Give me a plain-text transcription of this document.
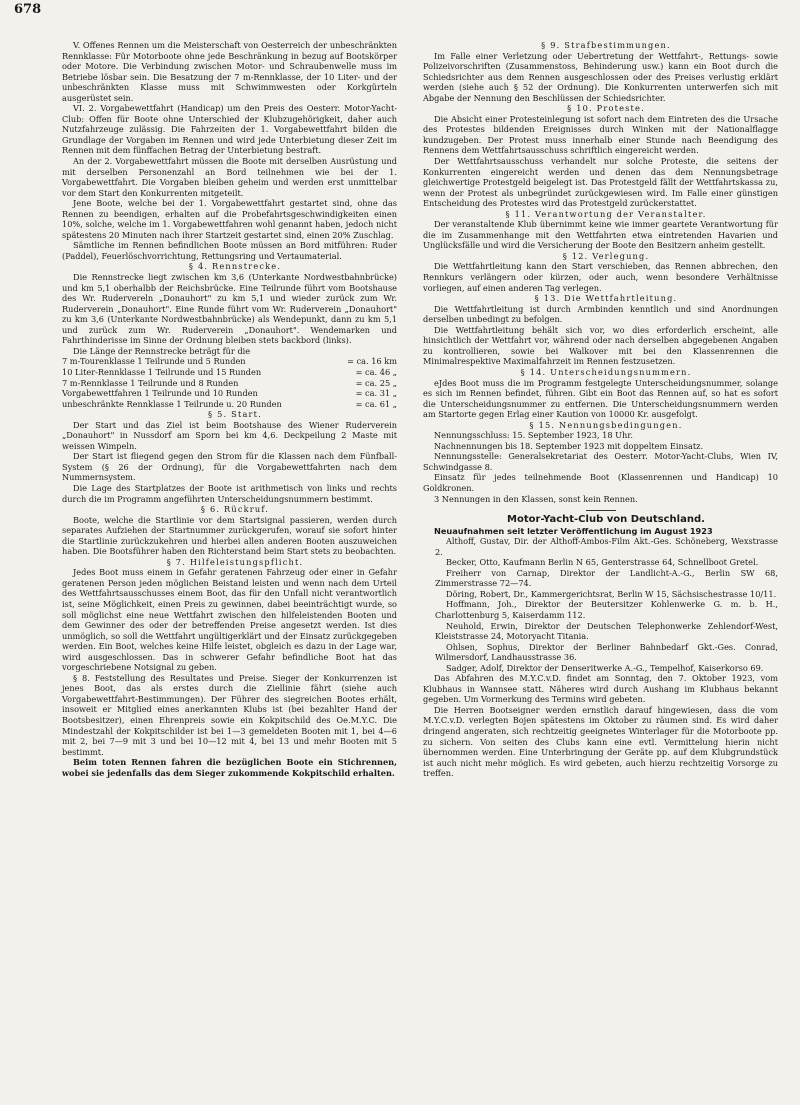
678

V. Offenes Rennen um die Meisterschaft von Oesterreich der unbeschränkten Rennklasse: Für Motorboote ohne jede Beschränkung in bezug auf Bootskörper oder Motore. Die Verbindung zwischen Motor- und Schraubenwelle muss im Betriebe lösbar sein. Die Besatzung der 7 m-Rennklasse, der 10 Liter- und der unbeschränkten Klasse muss mit Schwimmwesten oder Korkgürteln ausgerüstet sein.

VI. 2. Vorgabewettfahrt (Handicap) um den Preis des Oesterr. Motor-Yacht-Club: Offen für Boote ohne Unterschied der Klubzugehörigkeit, daher auch Nutzfahrzeuge zulässig. Die Fahrzeiten der 1. Vorgabewettfahrt bilden die Grundlage der Vorgaben im Rennen und wird jede Unterbietung dieser Zeit im Rennen mit dem fünffachen Betrag der Unterbietung bestraft.

An der 2. Vorgabewettfahrt müssen die Boote mit derselben Ausrüstung und mit derselben Personenzahl an Bord teilnehmen wie bei der 1. Vorgabewettfahrt. Die Vorgaben bleiben geheim und werden erst unmittelbar vor dem Start den Konkurrenten mitgeteilt.

Jene Boote, welche bei der 1. Vorgabewettfahrt gestartet sind, ohne das Rennen zu beendigen, erhalten auf die Probefahrtsgeschwindigkeiten einen 10%, solche, welche im 1. Vorgabewettfahren wohl genannt haben, jedoch nicht spätestens 20 Minuten nach ihrer Startzeit gestartet sind, einen 20% Zuschlag.

Sämtliche im Rennen befindlichen Boote müssen an Bord mitführen: Ruder (Paddel), Feuerlöschvorrichtung, Rettungsring und Vertaumaterial.

§ 4. Rennstrecke.

Die Rennstrecke liegt zwischen km 3,6 (Unterkante Nordwestbahnbrücke) und km 5,1 oberhalbb der Reichsbrücke. Eine Teilrunde führt vom Bootshause des Wr. Rudervereln „Donauhort" zu km 5,1 und wieder zurück zum Wr. Ruderverein „Donauhort". Eine Runde führt vom Wr. Ruderverein „Donauhort" zu km 3,6 (Unterkante Nordwestbahnbrücke) als Wendepunkt, dann zu km 5,1 und zurück zum Wr. Ruderverein „Donauhort". Wendemarken und Fahrthinderisse im Sinne der Ordnung bleiben stets backbord (links).

Die Länge der Rennstrecke beträgt für die

7 m-Tourenklasse 1 Teilrunde und 5 Runden	= ca. 16 km
10 Liter-Rennklasse 1 Teilrunde und 15 Runden	= ca. 46 „
7 m-Rennklasse 1 Teilrunde und 8 Runden	= ca. 25 „
Vorgabewettfahren 1 Teilrunde und 10 Runden	= ca. 31 „
unbeschränkte Rennklasse 1 Teilrunde u. 20 Runden	= ca. 61 „

§ 5. Start.

Der Start und das Ziel ist beim Bootshause des Wiener Ruderverein „Donauhort" in Nussdorf am Sporn bei km 4,6. Deckpeilung 2 Maste mit weissen Wimpeln.

Der Start ist fliegend gegen den Strom für die Klassen nach dem Fünfball-System (§ 26 der Ordnung), für die Vorgabewettfahrten nach dem Nummernsystem.

Die Lage des Startplatzes der Boote ist arithmetisch von links und rechts durch die im Programm angeführten Unterscheidungsnummern bestimmt.

§ 6. Rückruf.

Boote, welche die Startlinie vor dem Startsignal passieren, werden durch separates Aufziehen der Startnummer zurückgerufen, worauf sie sofort hinter die Startlinie zurückzukehren und hierbei allen anderen Booten auszuweichen haben. Die Bootsführer haben den Richterstand beim Start stets zu beobachten.

§ 7. Hilfeleistungspflicht.

Jedes Boot muss einem in Gefahr geratenen Fahrzeug oder einer in Gefahr geratenen Person jeden möglichen Beistand leisten und wenn nach dem Urteil des Wettfahrtsausschusses einem Boot, das für den Unfall nicht verantwortlich ist, seine Möglichkeit, einen Preis zu gewinnen, dabei beeinträchtigt wurde, so soll möglichst eine neue Wettfahrt zwischen den hilfeleistenden Booten und dem Gewinner des oder der betreffenden Preise angesetzt werden. Ist dies unmöglich, so soll die Wettfahrt ungültigerklärt und der Einsatz zurückgegeben werden. Ein Boot, welches keine Hilfe leistet, obgleich es dazu in der Lage war, wird ausgeschlossen. Das in schwerer Gefahr befindliche Boot hat das vorgeschriebene Notsignal zu geben.

§ 8. Feststellung des Resultates und Preise. Sieger der Konkurrenzen ist jenes Boot, das als erstes durch die Ziellinie fährt (siehe auch Vorgabewettfahrt-Bestimmungen). Der Führer des siegreichen Bootes erhält, insoweit er Mitglied eines anerkannten Klubs ist (bei bezahlter Hand der Bootsbesitzer), einen Ehrenpreis sowie ein Kokpitschild des Oe.M.Y.C. Die Mindestzahl der Kokpitschilder ist bei 1—3 gemeldeten Booten mit 1, bei 4—6 mit 2, bei 7—9 mit 3 und bei 10—12 mit 4, bei 13 und mehr Booten mit 5 bestimmt.

Beim toten Rennen fahren die bezüglichen Boote ein Stichrennen, wobei sie jedenfalls das dem Sieger zukommende Kokpitschild erhalten.

§ 9. Strafbestimmungen.

Im Falle einer Verletzung oder Uebertretung der Wettfahrt-, Rettungs- sowie Polizeivorschriften (Zusammenstoss, Behinderung usw.) kann ein Boot durch die Schiedsrichter aus dem Rennen ausgeschlossen oder des Preises verlustig erklärt werden (siehe auch § 52 der Ordnung). Die Konkurrenten unterwerfen sich mit Abgabe der Nennung den Beschlüssen der Schiedsrichter.

§ 10. Proteste.

Die Absicht einer Protesteinlegung ist sofort nach dem Eintreten des die Ursache des Protestes bildenden Ereignisses durch Winken mit der Nationalflagge kundzugeben. Der Protest muss innerhalb einer Stunde nach Beendigung des Rennens dem Wettfahrtsausschuss schriftlich eingereicht werden.

Der Wettfahrtsausschuss verhandelt nur solche Proteste, die seitens der Konkurrenten eingereicht werden und denen das dem Nennungsbetrage gleichwertige Protestgeld beigelegt ist. Das Protestgeld fällt der Wettfahrtskassa zu, wenn der Protest als unbegründet zurückgewiesen wird. Im Falle einer günstigen Entscheidung des Protestes wird das Protestgeld zurückerstattet.

§ 11. Verantwortung der Veranstalter.

Der veranstaltende Klub übernimmt keine wie immer geartete Verantwortung für die im Zusammenhange mit den Wettfahrten etwa eintretenden Havarien und Unglücksfälle und wird die Versicherung der Boote den Besitzern anheim gestellt.

§ 12. Verlegung.

Die Wettfahrtleitung kann den Start verschieben, das Rennen abbrechen, den Rennkurs verlängern oder kürzen, oder auch, wenn besondere Verhältnisse vorliegen, auf einen anderen Tag verlegen.

§ 13. Die Wettfahrtleitung.

Die Wettfahrtleitung ist durch Armbinden kenntlich und sind Anordnungen derselben unbedingt zu befolgen.

Die Wettfahrtleitung behält sich vor, wo dies erforderlich erscheint, alle hinsichtlich der Wettfahrt vor, während oder nach derselben abgegebenen Angaben zu kontrollieren, sowie bei Walkover mit bei den Klassenrennen die Minimalrespektive Maximalfahrzeit im Rennen festzusetzen.

§ 14. Unterscheidungsnummern.

eJdes Boot muss die im Programm festgelegte Unterscheidungsnummer, solange es sich im Rennen befindet, führen. Gibt ein Boot das Rennen auf, so hat es sofort die Unterscheidungsnummer zu entfernen. Die Unterscheidungsnummern werden am Startorte gegen Erlag einer Kaution von 10000 Kr. ausgefolgt.

§ 15. Nennungsbedingungen.

Nennungsschluss: 15. September 1923, 18 Uhr.

Nachnennungen bis 18. September 1923 mit doppeltem Einsatz.

Nennungsstelle: Generalsekretariat des Oesterr. Motor-Yacht-Clubs, Wien IV, Schwindgasse 8.

Einsatz für jedes teilnehmende Boot (Klassenrennen und Handicap) 10 Goldkronen.

3 Nennungen in den Klassen, sonst kein Rennen.

Motor-Yacht-Club von Deutschland.

Neuaufnahmen seit letzter Veröffentlichung im August 1923

Althoff, Gustav, Dir. der Althoff-Ambos-Film Akt.-Ges. Schöneberg, Wexstrasse 2.

Becker, Otto, Kaufmann Berlin N 65, Genterstrasse 64, Schnellboot Gretel.

Freiherr von Carnap, Direktor der Landlicht-A.-G., Berlin SW 68, Zimmerstrasse 72—74.

Döring, Robert, Dr., Kammergerichtsrat, Berlin W 15, Sächsischestrasse 10/11.

Hoffmann, Joh., Direktor der Beutersitzer Kohlenwerke G. m. b. H., Charlottenburg 5, Kaiserdamm 112.

Neuhold, Erwin, Direktor der Deutschen Telephonwerke Zehlendorf-West, Kleiststrasse 24, Motoryacht Titania.

Ohlsen, Sophus, Direktor der Berliner Bahnbedarf Gkt.-Ges. Conrad, Wilmersdorf, Landhausstrasse 36.

Sadger, Adolf, Direktor der Denseritwerke A.-G., Tempelhof, Kaiserkorso 69.

Das Abfahren des M.Y.C.v.D. findet am Sonntag, den 7. Oktober 1923, vom Klubhaus in Wannsee statt. Näheres wird durch Aushang im Klubhaus bekannt gegeben. Um Vormerkung des Termins wird gebeten.

Die Herren Bootseigner werden ernstlich darauf hingewiesen, dass die vom M.Y.C.v.D. verlegten Bojen spätestens im Oktober zu räumen sind. Es wird daher dringend angeraten, sich rechtzeitig geeignetes Winterlager für die Motorboote pp. zu sichern. Von seiten des Clubs kann eine evtl. Vermittelung hierin nicht übernommen werden. Eine Unterbringung der Geräte pp. auf dem Klubgrundstück ist auch nicht mehr möglich. Es wird gebeten, auch hierzu rechtzeitig Vorsorge zu treffen.
